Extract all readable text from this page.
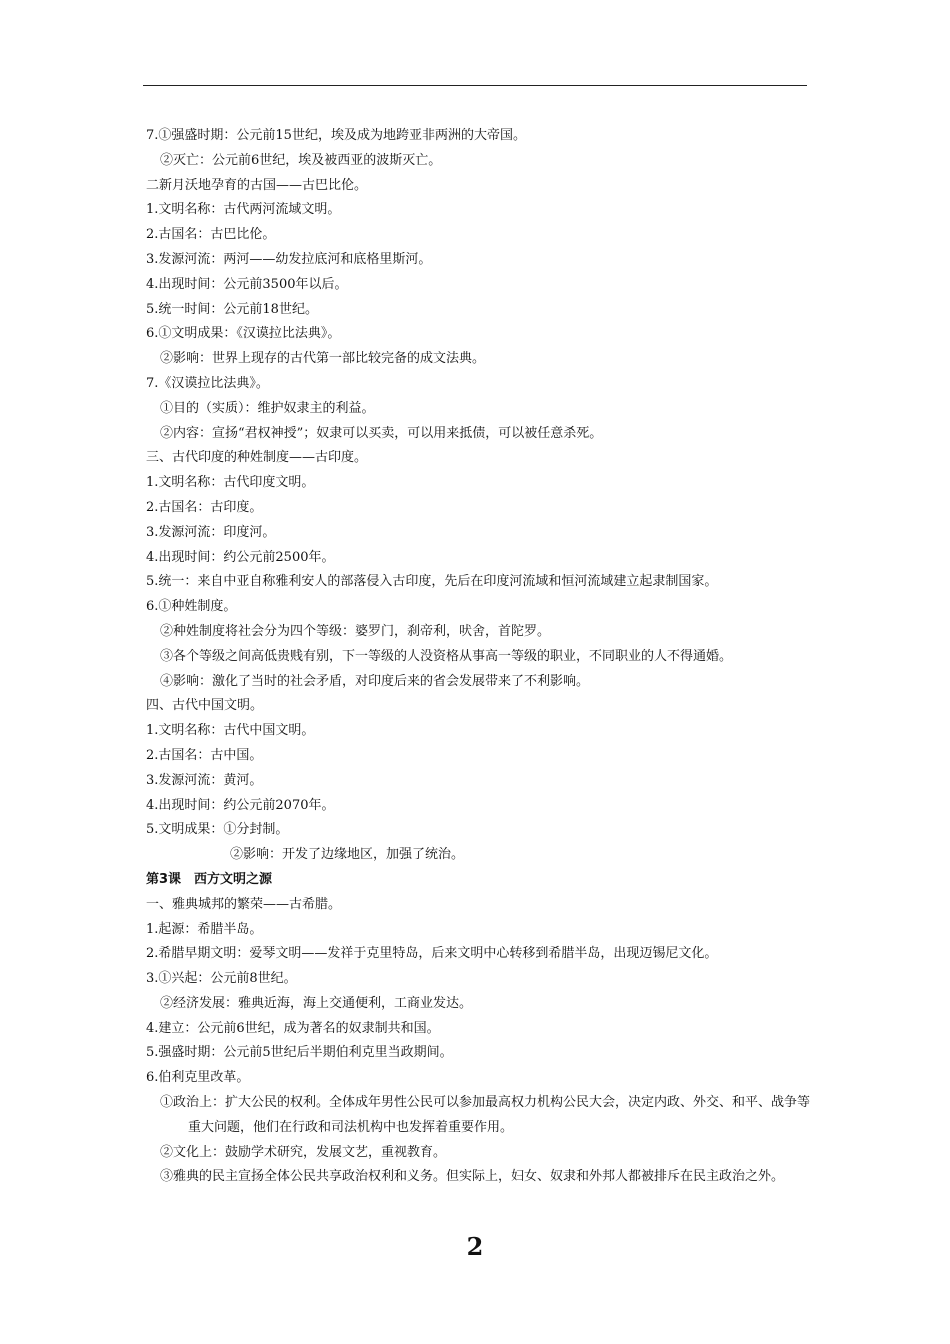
7.①强盛时期：公元前15世纪，埃及成为地跨亚非两洲的大帝国。
②灭亡：公元前6世纪，埃及被西亚的波斯灭亡。
二新月沃地孕育的古国——古巴比伦。
1.文明名称：古代两河流域文明。
2.古国名：古巴比伦。
3.发源河流：两河——幼发拉底河和底格里斯河。
4.出现时间：公元前3500年以后。
5.统一时间：公元前18世纪。
6.①文明成果：《汉谟拉比法典》。
②影响：世界上现存的古代第一部比较完备的成文法典。
7.《汉谟拉比法典》。
①目的（实质）：维护奴隶主的利益。
②内容：宣扬“君权神授”；奴隶可以买卖，可以用来抵债，可以被任意杀死。
三、古代印度的种姓制度——古印度。
1.文明名称：古代印度文明。
2.古国名：古印度。
3.发源河流：印度河。
4.出现时间：约公元前2500年。
5.统一：来自中亚自称雅利安人的部落侵入古印度，先后在印度河流域和恒河流域建立起隶制国家。
6.①种姓制度。
②种姓制度将社会分为四个等级：婆罗门，刹帝利，吠舍，首陀罗。
③各个等级之间高低贵贱有别，下一等级的人没资格从事高一等级的职业，不同职业的人不得通婚。
④影响：激化了当时的社会矛盾，对印度后来的省会发展带来了不利影响。
四、古代中国文明。
1.文明名称：古代中国文明。
2.古国名：古中国。
3.发源河流：黄河。
4.出现时间：约公元前2070年。
5.文明成果：①分封制。
②影响：开发了边缘地区，加强了统治。
第3课　西方文明之源
一、雅典城邦的繁荣——古希腊。
1.起源：希腊半岛。
2.希腊早期文明：爱琴文明——发祥于克里特岛，后来文明中心转移到希腊半岛，出现迈锡尼文化。
3.①兴起：公元前8世纪。
②经济发展：雅典近海，海上交通便利，工商业发达。
4.建立：公元前6世纪，成为著名的奴隶制共和国。
5.强盛时期：公元前5世纪后半期伯利克里当政期间。
6.伯利克里改革。
①政治上：扩大公民的权利。全体成年男性公民可以参加最高权力机构公民大会，决定内政、外交、和平、战争等重大问题，他们在行政和司法机构中也发挥着重要作用。
②文化上：鼓励学术研究，发展文艺，重视教育。
③雅典的民主宣扬全体公民共享政治权利和义务。但实际上，妇女、奴隶和外邦人都被排斥在民主政治之外。
2
